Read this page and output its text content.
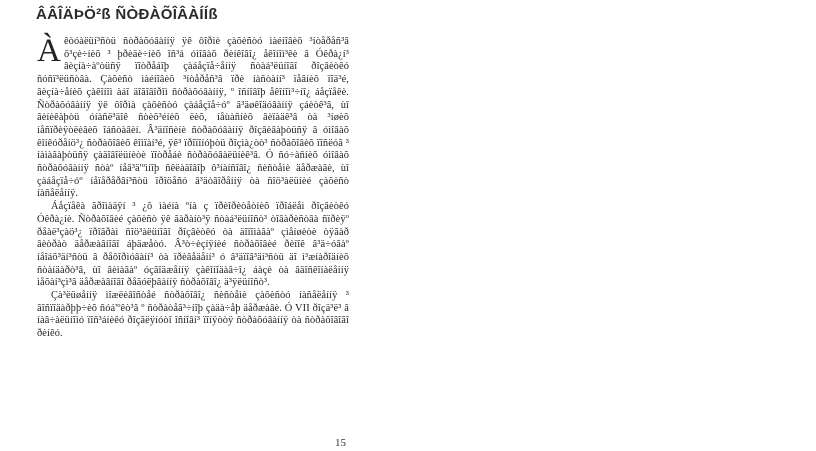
ÂÂÎÄÞÖ²ß ÑÒÐÀÕÎÂÀÍÍß

Àêòóàëüí³ñòü ñòðàõóâàííÿ ÿê ôîðìè çàõèñòó ìàéíîâèõ ³íòåðåñ³â ô³çè÷íèõ ³ þðèäè÷íèõ îñ³á óìîâàõ ðèíêîâî¿ åêîíîì³êè â Óêðà¿í³ âèçíà÷àºòüñÿ ïîòðåáîþ çàáåçïå÷åííÿ ñòàá³ëüíîãî ðîçâèòêó ñóñï³ëüñòâà. Çàõèñò ìàéíîâèõ ³íòåðåñ³â ïðè íàñòàíí³ ïåâíèõ ïîä³é, âèçíà÷åíèõ çàêîíîì àáî äîãîâîðîì ñòðàõóâàííÿ, º îñíîâîþ åêîíîì³÷íî¿ áåçïåêè. Ñòðàõóâàííÿ ÿê ôîðìà çàõèñòó çàáåçïå÷óº â³äøêîäóâàííÿ çáèòê³â, ùî âèíèêàþòü óíàñë³äîê ñòèõ³éíèõ ëèõ, íåùàñíèõ âèïàäê³â òà ³íøèõ íåñïðèÿòëèâèõ îáñòàâèí. Â³äíîñèíè ñòðàõóâàííÿ ðîçâèâàþòüñÿ â óìîâàõ êîíêóðåíö³¿ ñòðàõîâèõ êîìïàí³é, ÿê³ ïðîïîíóþòü ðîçìà¿òò³ ñòðàõîâèõ ïîñëóã ³ íàìàãàþòüñÿ çàäîâîëüíèòè ïîòðåáè ñòðàõóâàëüíèê³â. Ó ñó÷àñíèõ óìîâàõ ñòðàõóâàííÿ ñòàº íåâ³ä'ºìíîþ ñêëàäîâîþ ô³íàíñîâî¿ ñèñòåìè äåðæàâè, ùî çàáåçïå÷óº íåïåðåðâí³ñòü ïðîöåñó â³äòâîðåííÿ òà ñîö³àëüíèé çàõèñò íàñåëåííÿ.

Áåçïåêà ãðîìàäÿí ³ ¿õ ìàéíà ºíà ç ïðèîðèòåòíèõ ïðîáëåì ðîçâèòêó Óêðà¿íè. Ñòðàõîâèé çàõèñò ÿê ãàðàíò³ÿ ñòàá³ëüíîñò³ òîâàðèñòâà ñïðèÿº ðåàë³çàö³¿ ïðîãðàì ñîö³àëüíîãî ðîçâèòêó òà äîïîìàãàº çìåíøèòè òÿãàð âèòðàò äåðæàâíîãî áþäæåòó. Â³ò÷èçíÿíèé ñòðàõîâèé ðèíîê â³ä÷óâàº íåîáõ³äí³ñòü â ðåôîðìóâàíí³ òà ïðèâåäåíí³ ó â³äïîâ³äí³ñòü äî ì³æíàðîäíèõ ñòàíäàðò³â, ùî âèìàãàº óçãîäæåííÿ çàêîíîäàâ÷î¿ áàçè òà âäîñêîíàëåííÿ ìåõàí³çì³â äåðæàâíîãî ðåãóëþâàííÿ ñòðàõîâî¿ ä³ÿëüíîñò³.

Çà³ëüøåííÿ ìîæëèâîñòåé ñòðàõîâî¿ ñèñòåìè çàõèñòó íàñåëåííÿ ³ ãîñïîäàðþþ÷èõ ñóá'ºêò³â º ñòðàòåã³÷íîþ çàäà÷åþ äåðæàâè. Ó VII ðîçä³ë³ â íàâ÷àëüíîìó ïîñ³áíèêó ðîçãëÿíóòî îñíîâí³ ïîíÿòòÿ ñòðàõóâàííÿ òà ñòðàõîâîãî ðèíêó.

15
